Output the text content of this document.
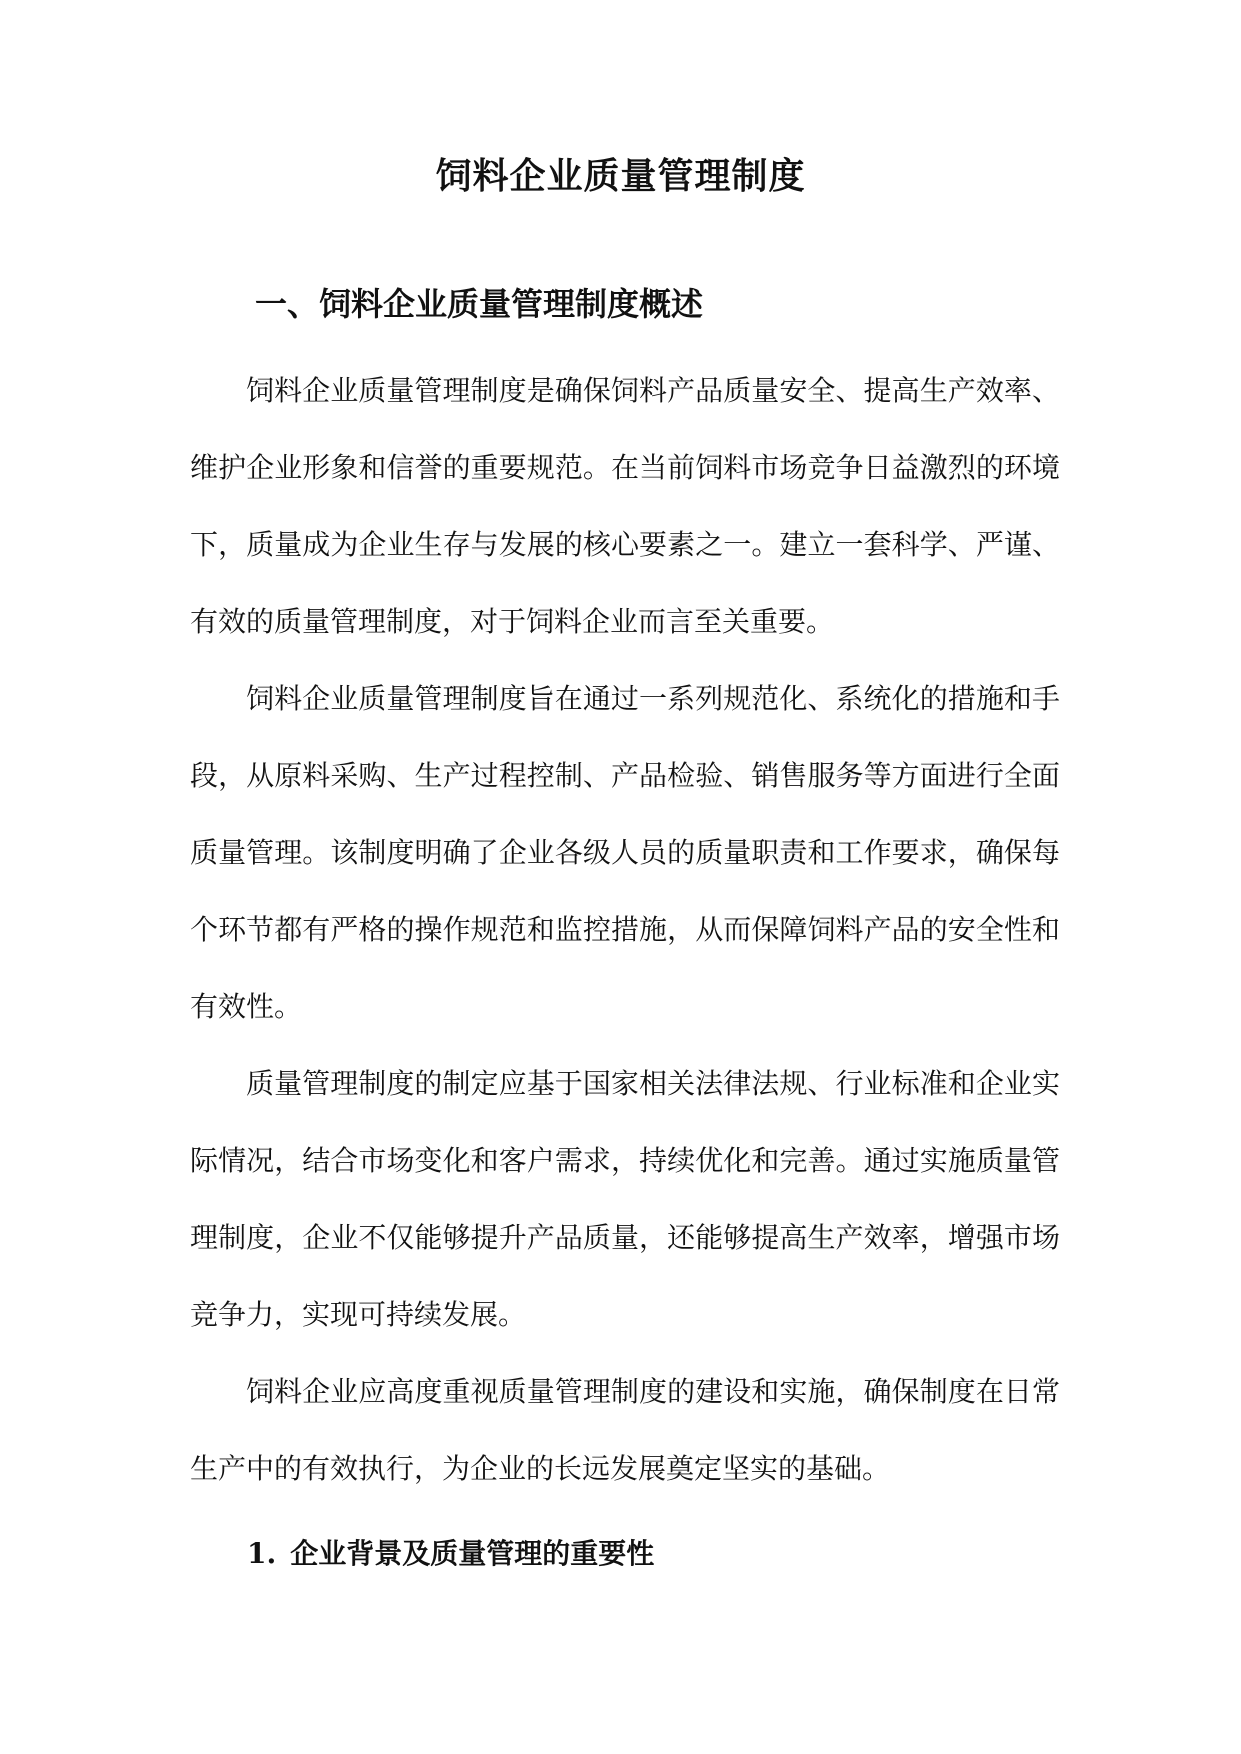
饲料企业质量管理制度
一、饲料企业质量管理制度概述

饲料企业质量管理制度是确保饲料产品质量安全、提高生产效率、维护企业形象和信誉的重要规范。在当前饲料市场竞争日益激烈的环境下，质量成为企业生存与发展的核心要素之一。建立一套科学、严谨、有效的质量管理制度，对于饲料企业而言至关重要。

饲料企业质量管理制度旨在通过一系列规范化、系统化的措施和手段，从原料采购、生产过程控制、产品检验、销售服务等方面进行全面质量管理。该制度明确了企业各级人员的质量职责和工作要求，确保每个环节都有严格的操作规范和监控措施，从而保障饲料产品的安全性和有效性。

质量管理制度的制定应基于国家相关法律法规、行业标准和企业实际情况，结合市场变化和客户需求，持续优化和完善。通过实施质量管理制度，企业不仅能够提升产品质量，还能够提高生产效率，增强市场竞争力，实现可持续发展。

饲料企业应高度重视质量管理制度的建设和实施，确保制度在日常生产中的有效执行，为企业的长远发展奠定坚实的基础。

1. 企业背景及质量管理的重要性
